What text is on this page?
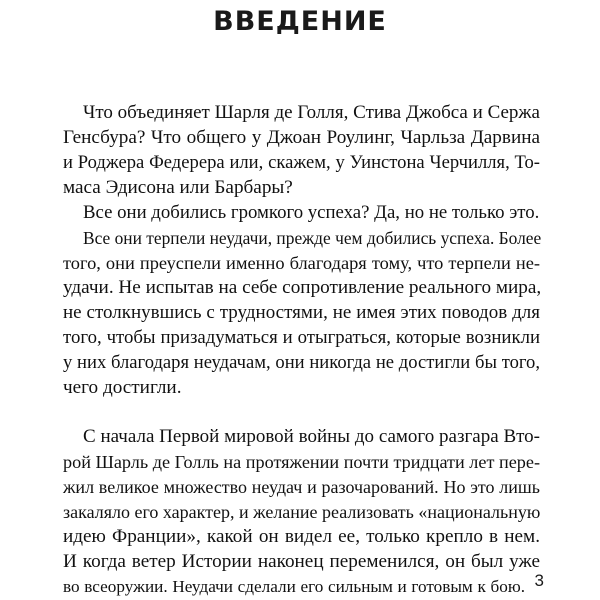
ВВЕДЕНИЕ
Что объединяет Шарля де Голля, Стива Джобса и Сержа
Генсбура? Что общего у Джоан Роулинг, Чарльза Дарвина
и Роджера Федерера или, скажем, у Уинстона Черчилля, То-
маса Эдисона или Барбары?
Все они добились громкого успеха? Да, но не только это.
Все они терпели неудачи, прежде чем добились успеха. Более
того, они преуспели именно благодаря тому, что терпели не-
удачи. Не испытав на себе сопротивление реального мира,
не столкнувшись с трудностями, не имея этих поводов для
того, чтобы призадуматься и отыграться, которые возникли
у них благодаря неудачам, они никогда не достигли бы того,
чего достигли.
С начала Первой мировой войны до самого разгара Вто-
рой Шарль де Голль на протяжении почти тридцати лет пере-
жил великое множество неудач и разочарований. Но это лишь
закаляло его характер, и желание реализовать «национальную
идею Франции», какой он видел ее, только крепло в нем.
И когда ветер Истории наконец переменился, он был уже
во всеоружии. Неудачи сделали его сильным и готовым к бою. 3
